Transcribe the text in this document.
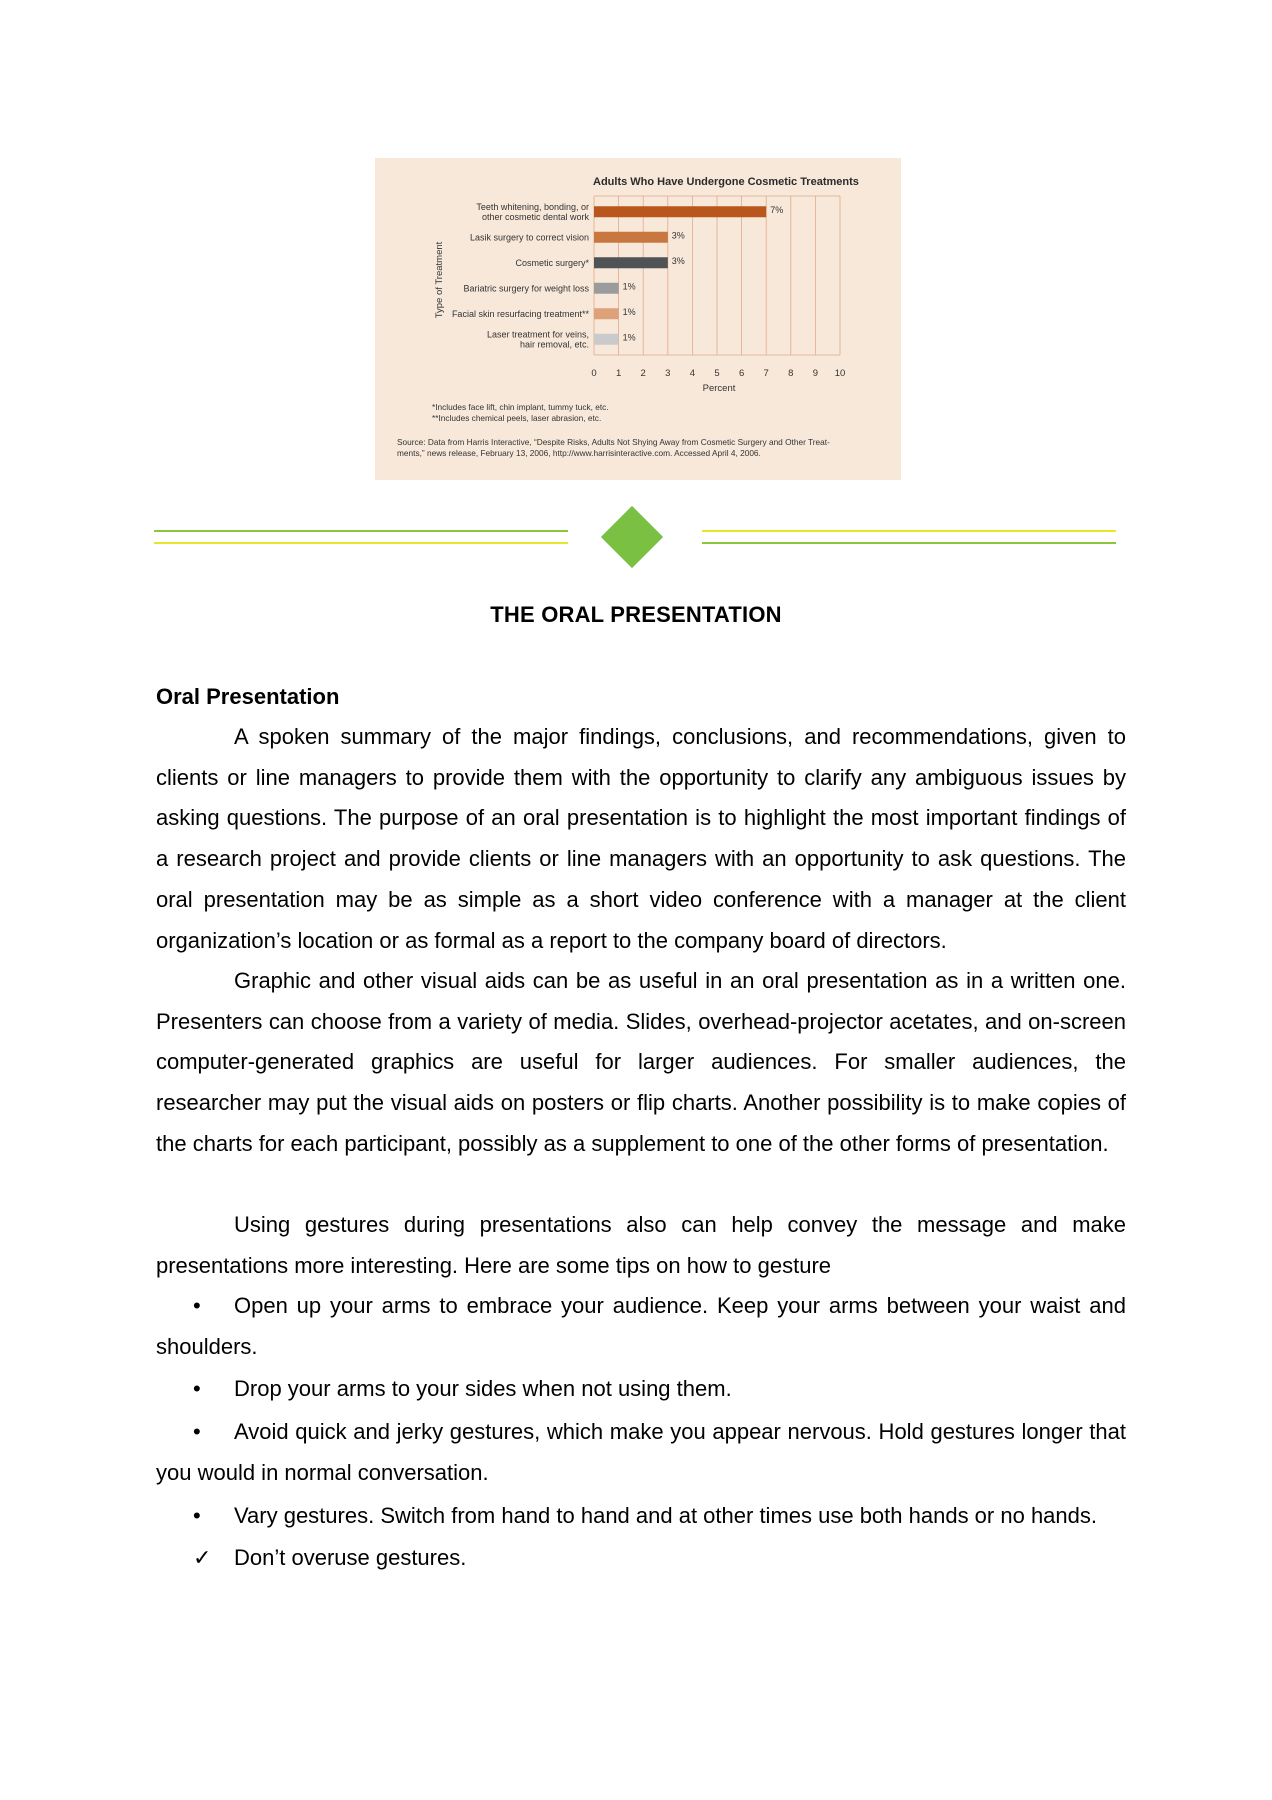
Adults Who Have Undergone Cosmetic Treatments
7%
3%
3%
1%
1%
1%
Teeth whitening, bonding, or
other cosmetic dental work
Lasik surgery to correct vision
Cosmetic surgery*
Bariatric surgery for weight loss
Facial skin resurfacing treatment**
Laser treatment for veins,
hair removal, etc.
0 1 2 3 4 5 6 7 8 9 10
Percent
Type of Treatment
*Includes face lift, chin implant, tummy tuck, etc.
**Includes chemical peels, laser abrasion, etc.
Source: Data from Harris Interactive, “Despite Risks, Adults Not Shying Away from Cosmetic Surgery and Other Treat-
ments,” news release, February 13, 2006, http://www.harrisinteractive.com. Accessed April 4, 2006.
THE ORAL PRESENTATION
Oral Presentation

A spoken summary of the major findings, conclusions, and recommendations, given to clients or line managers to provide them with the opportunity to clarify any ambiguous issues by asking questions. The purpose of an oral presentation is to highlight the most important findings of a research project and provide clients or line managers with an opportunity to ask questions. The oral presentation may be as simple as a short video conference with a manager at the client organization’s location or as formal as a report to the company board of directors.

Graphic and other visual aids can be as useful in an oral presentation as in a written one. Presenters can choose from a variety of media. Slides, overhead-projector acetates, and on-screen computer-generated graphics are useful for larger audiences. For smaller audiences, the researcher may put the visual aids on posters or flip charts. Another possibility is to make copies of the charts for each participant, possibly as a supplement to one of the other forms of presentation.

Using gestures during presentations also can help convey the message and make presentations more interesting. Here are some tips on how to gesture

• Open up your arms to embrace your audience. Keep your arms between your waist and shoulders.
• Drop your arms to your sides when not using them.
• Avoid quick and jerky gestures, which make you appear nervous. Hold gestures longer that you would in normal conversation.
• Vary gestures. Switch from hand to hand and at other times use both hands or no hands.
✓ Don’t overuse gestures.
